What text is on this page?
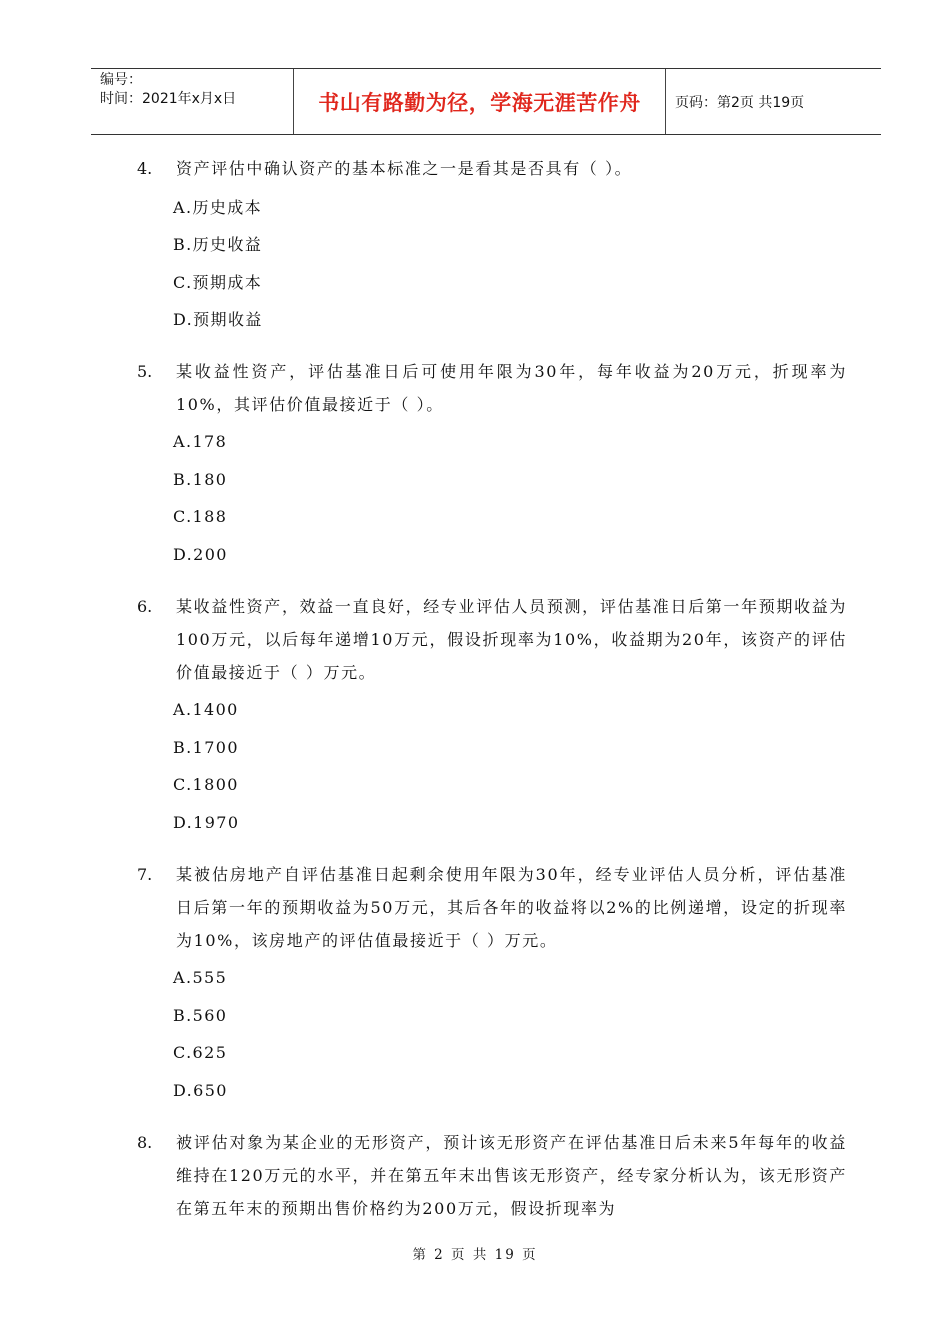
编号：
时间：2021年x月x日	书山有路勤为径，学海无涯苦作舟	页码：第2页 共19页
4. 资产评估中确认资产的基本标准之一是看其是否具有（ ）。
A.历史成本
B.历史收益
C.预期成本
D.预期收益
5. 某收益性资产，评估基准日后可使用年限为30年，每年收益为20万元，折现率为10%，其评估价值最接近于（ ）。
A.178
B.180
C.188
D.200
6. 某收益性资产，效益一直良好，经专业评估人员预测，评估基准日后第一年预期收益为100万元，以后每年递增10万元，假设折现率为10%，收益期为20年，该资产的评估价值最接近于（ ）万元。
A.1400
B.1700
C.1800
D.1970
7. 某被估房地产自评估基准日起剩余使用年限为30年，经专业评估人员分析，评估基准日后第一年的预期收益为50万元，其后各年的收益将以2%的比例递增，设定的折现率为10%，该房地产的评估值最接近于（ ）万元。
A.555
B.560
C.625
D.650
8. 被评估对象为某企业的无形资产，预计该无形资产在评估基准日后未来5年每年的收益维持在120万元的水平，并在第五年末出售该无形资产，经专家分析认为，该无形资产在第五年末的预期出售价格约为200万元，假设折现率为
第 2 页 共 19 页
